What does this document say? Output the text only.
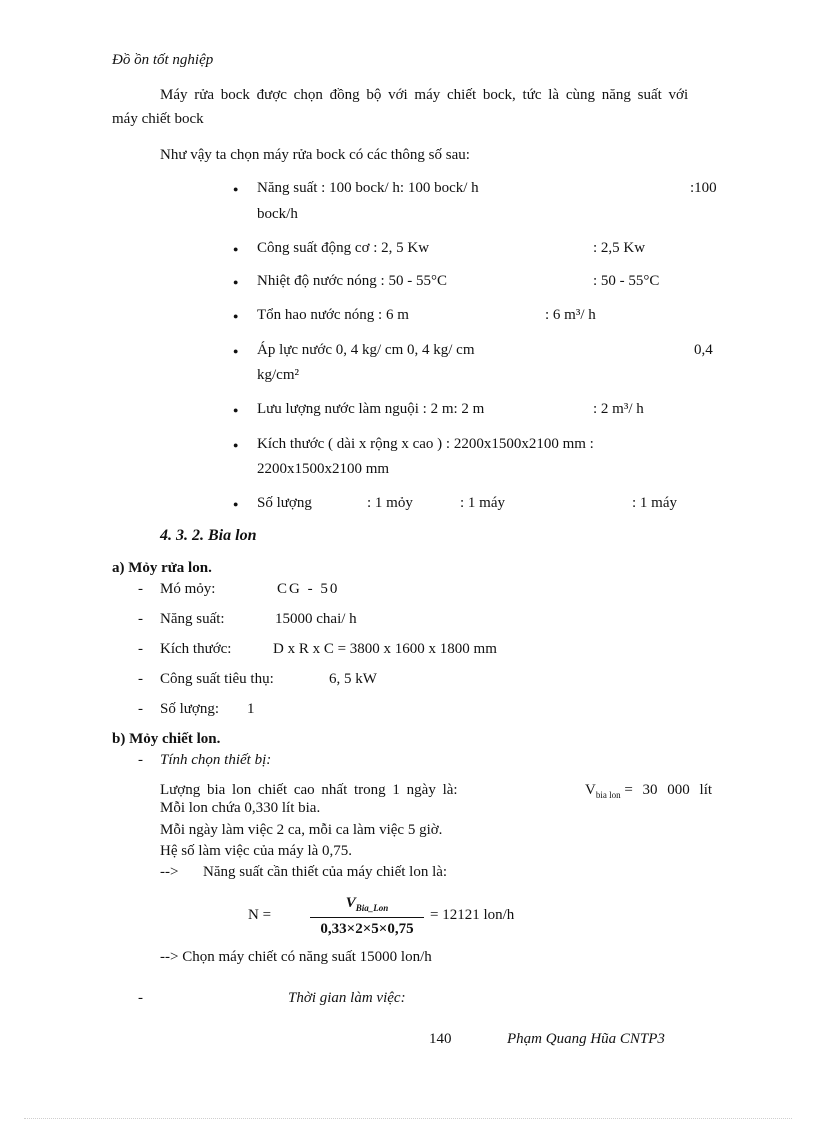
Đồ ồn tốt nghiệp
Máy rửa bock được chọn đồng bộ với máy chiết bock, tức là cùng năng suất với
máy chiết bock
Như vậy ta chọn máy rửa bock có các thông số sau:
Năng suất : 100 bock/ h: 100 bock/ h	:100
bock/h
Công suất động cơ : 2, 5 Kw	: 2,5 Kw
Nhiệt độ nước nóng : 50 - 55°C	: 50 - 55°C
Tổn hao nước nóng : 6 m	: 6 m³/ h
Áp lực nước 0, 4 kg/ cm 0, 4 kg/ cm	0,4
kg/cm²
Lưu lượng nước làm nguội : 2 m: 2 m	: 2 m³/ h
Kích thước ( dài x rộng x cao ) : 2200x1500x2100 mm :
2200x1500x2100 mm
Số lượng	: 1 mỏy	: 1 máy	: 1 máy
4. 3. 2. Bia lon
a) Mỏy rửa lon.
- Mó mỏy:	CG - 50
- Năng suất:	15000 chai/ h
- Kích thước:	D x R x C = 3800 x 1600 x 1800 mm
- Công suất tiêu thụ:	6, 5 kW
- Số lượng: 1
b) Mỏy chiết lon.
- Tính chọn thiết bị:
Lượng bia lon chiết cao nhất trong 1 ngày là:	$V_{bia lon} = 30$ 000 lít
Mỗi lon chứa 0,330 lít bia.
Mỗi ngày làm việc 2 ca, mỗi ca làm việc 5 giờ.
Hệ số làm việc của máy là 0,75.
--> Năng suất cần thiết của máy chiết lon là:
N =
$V_{Bia\_Lon}$
0,33×2×5×0,75
= 12121 lon/h
--> Chọn máy chiết có năng suất 15000 lon/h
-	Thời gian làm việc:
140	Phạm Quang Hũa CNTP3
